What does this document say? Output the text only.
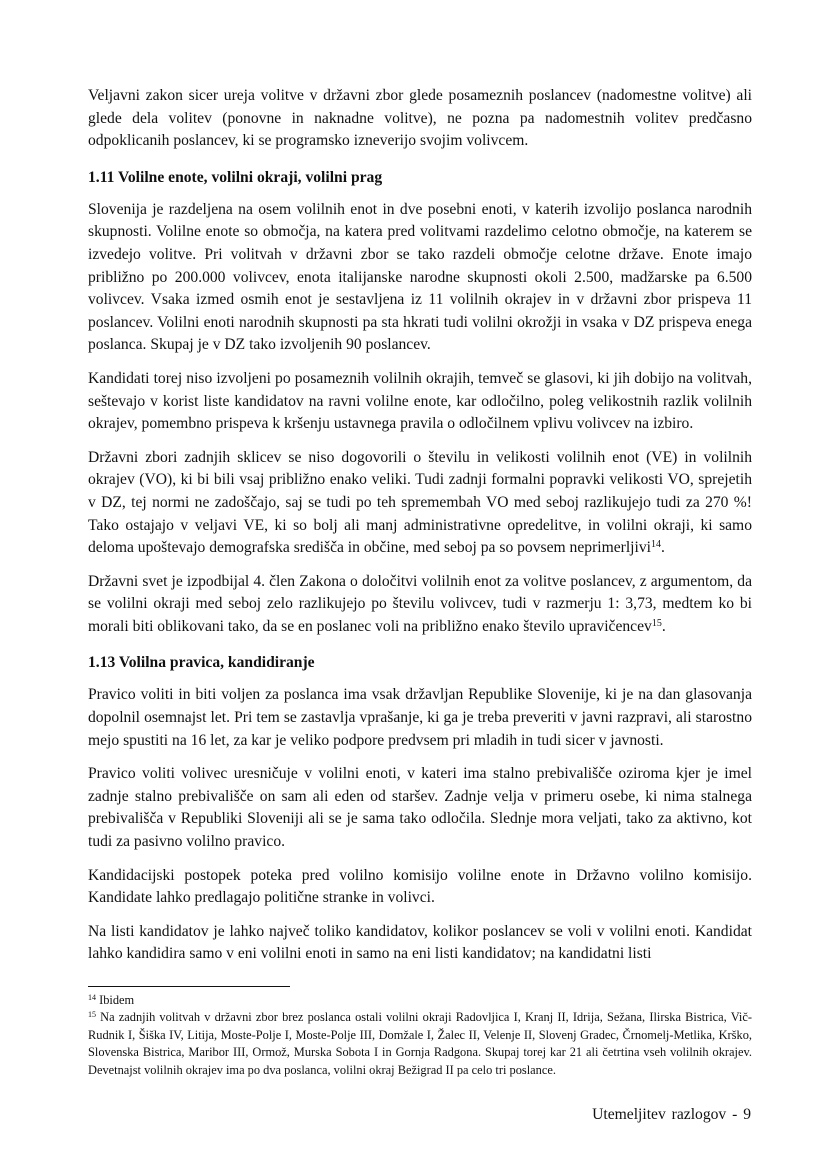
Veljavni zakon sicer ureja volitve v državni zbor glede posameznih poslancev (nadomestne volitve) ali glede dela volitev (ponovne in naknadne volitve), ne pozna pa nadomestnih volitev predčasno odpoklicanih poslancev, ki se programsko izneverijo svojim volivcem.

1.11 Volilne enote, volilni okraji, volilni prag

Slovenija je razdeljena na osem volilnih enot in dve posebni enoti, v katerih izvolijo poslanca narodnih skupnosti. Volilne enote so območja, na katera pred volitvami razdelimo celotno območje, na katerem se izvedejo volitve. Pri volitvah v državni zbor se tako razdeli območje celotne države. Enote imajo približno po 200.000 volivcev, enota italijanske narodne skupnosti okoli 2.500, madžarske pa 6.500 volivcev. Vsaka izmed osmih enot je sestavljena iz 11 volilnih okrajev in v državni zbor prispeva 11 poslancev. Volilni enoti narodnih skupnosti pa sta hkrati tudi volilni okrožji in vsaka v DZ prispeva enega poslanca. Skupaj je v DZ tako izvoljenih 90 poslancev.

Kandidati torej niso izvoljeni po posameznih volilnih okrajih, temveč se glasovi, ki jih dobijo na volitvah, seštevajo v korist liste kandidatov na ravni volilne enote, kar odločilno, poleg velikostnih razlik volilnih okrajev, pomembno prispeva k kršenju ustavnega pravila o odločilnem vplivu volivcev na izbiro.

Državni zbori zadnjih sklicev se niso dogovorili o številu in velikosti volilnih enot (VE) in volilnih okrajev (VO), ki bi bili vsaj približno enako veliki. Tudi zadnji formalni popravki velikosti VO, sprejetih v DZ, tej normi ne zadoščajo, saj se tudi po teh spremembah VO med seboj razlikujejo tudi za 270 %! Tako ostajajo v veljavi VE, ki so bolj ali manj administrativne opredelitve, in volilni okraji, ki samo deloma upoštevajo demografska središča in občine, med seboj pa so povsem neprimerljivi$^{14}$.

Državni svet je izpodbijal 4. člen Zakona o določitvi volilnih enot za volitve poslancev, z argumentom, da se volilni okraji med seboj zelo razlikujejo po številu volivcev, tudi v razmerju 1: 3,73, medtem ko bi morali biti oblikovani tako, da se en poslanec voli na približno enako število upravičencev$^{15}$.

1.13 Volilna pravica, kandidiranje

Pravico voliti in biti voljen za poslanca ima vsak državljan Republike Slovenije, ki je na dan glasovanja dopolnil osemnajst let. Pri tem se zastavlja vprašanje, ki ga je treba preveriti v javni razpravi, ali starostno mejo spustiti na 16 let, za kar je veliko podpore predvsem pri mladih in tudi sicer v javnosti.

Pravico voliti volivec uresničuje v volilni enoti, v kateri ima stalno prebivališče oziroma kjer je imel zadnje stalno prebivališče on sam ali eden od staršev. Zadnje velja v primeru osebe, ki nima stalnega prebivališča v Republiki Sloveniji ali se je sama tako odločila. Slednje mora veljati, tako za aktivno, kot tudi za pasivno volilno pravico.

Kandidacijski postopek poteka pred volilno komisijo volilne enote in Državno volilno komisijo. Kandidate lahko predlagajo politične stranke in volivci.

Na listi kandidatov je lahko največ toliko kandidatov, kolikor poslancev se voli v volilni enoti. Kandidat lahko kandidira samo v eni volilni enoti in samo na eni listi kandidatov; na kandidatni listi

$^{14}$ Ibidem

$^{15}$ Na zadnjih volitvah v državni zbor brez poslanca ostali volilni okraji Radovljica I, Kranj II, Idrija, Sežana, Ilirska Bistrica, Vič-Rudnik I, Šiška IV, Litija, Moste-Polje I, Moste-Polje III, Domžale I, Žalec II, Velenje II, Slovenj Gradec, Črnomelj-Metlika, Krško, Slovenska Bistrica, Maribor III, Ormož, Murska Sobota I in Gornja Radgona. Skupaj torej kar 21 ali četrtina vseh volilnih okrajev. Devetnajst volilnih okrajev ima po dva poslanca, volilni okraj Bežigrad II pa celo tri poslance.

Utemeljitev razlogov - 9
